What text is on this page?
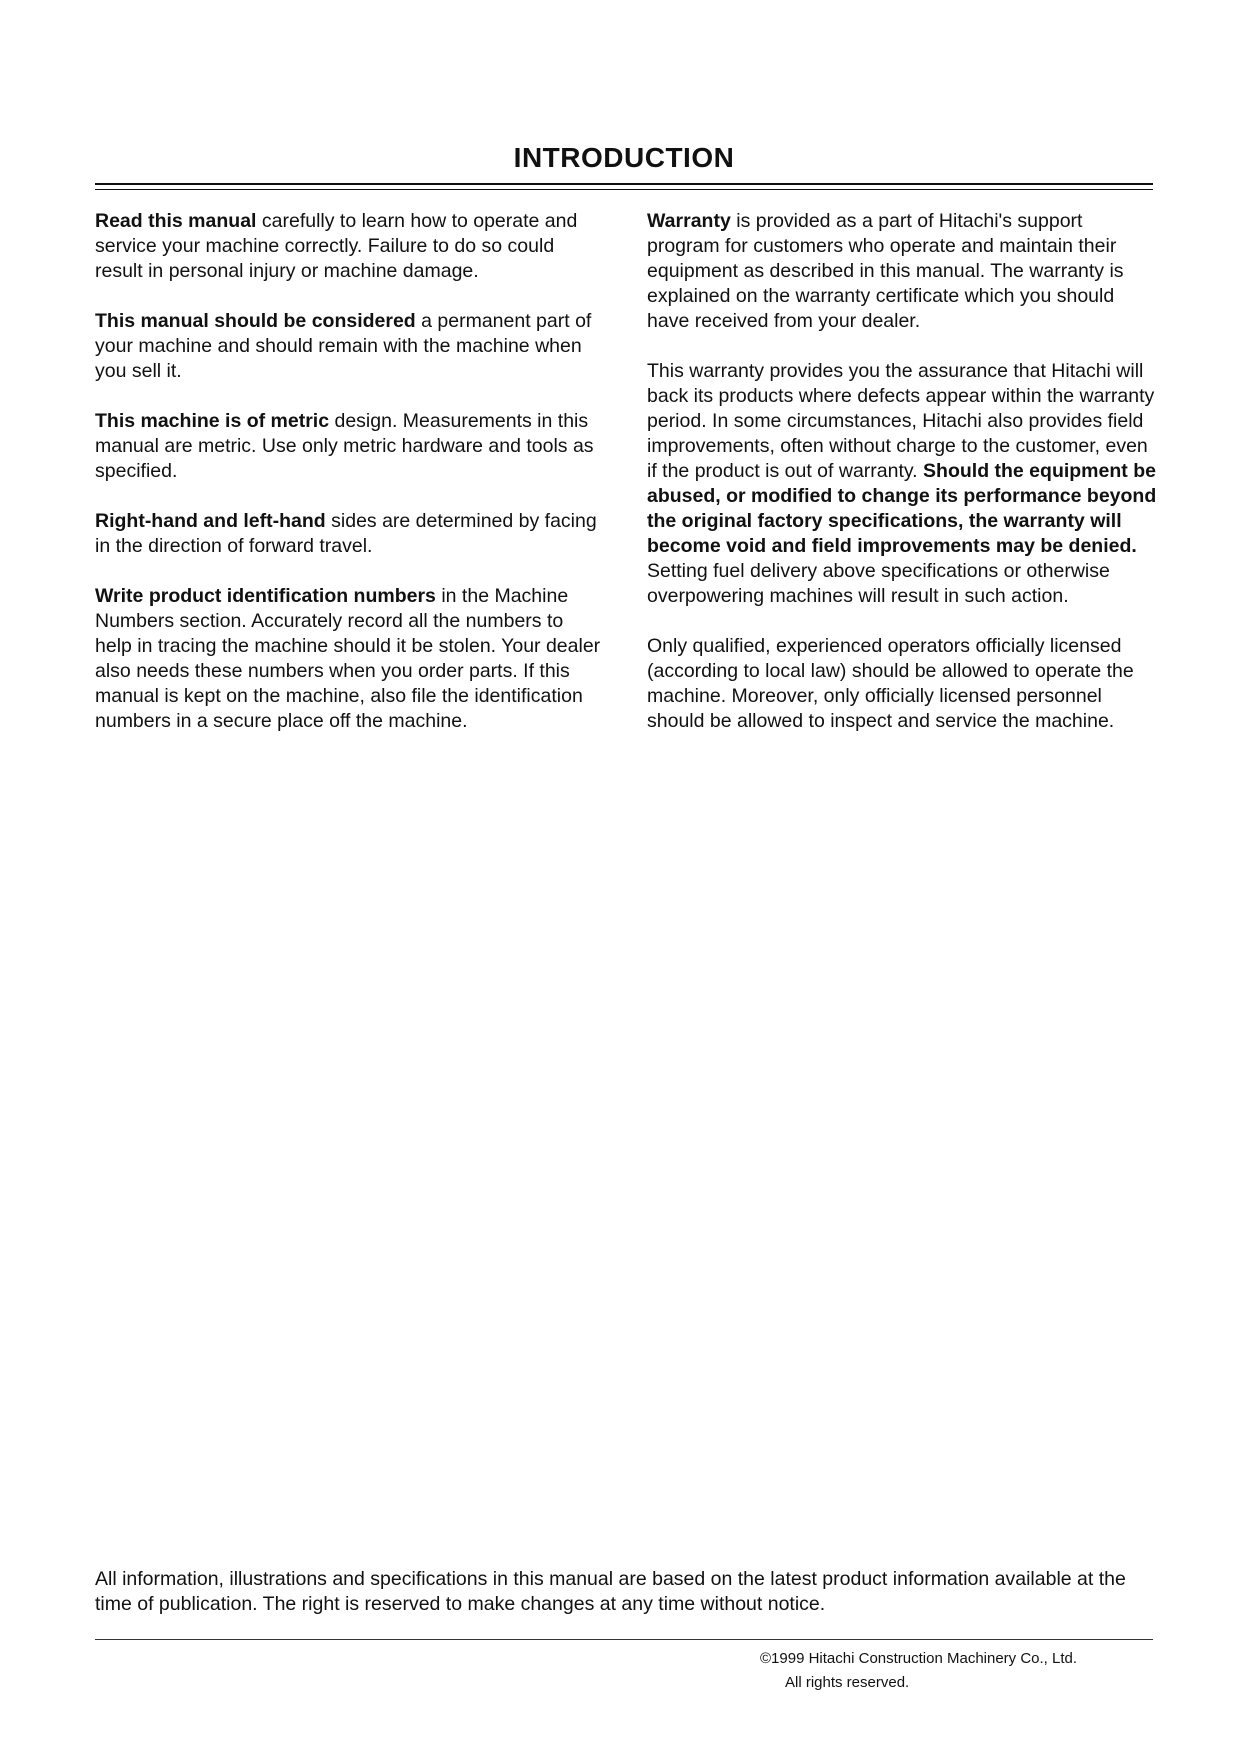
INTRODUCTION

Read this manual carefully to learn how to operate and service your machine correctly. Failure to do so could result in personal injury or machine damage.

This manual should be considered a permanent part of your machine and should remain with the machine when you sell it.

This machine is of metric design. Measurements in this manual are metric. Use only metric hardware and tools as specified.

Right-hand and left-hand sides are determined by facing in the direction of forward travel.

Write product identification numbers in the Machine Numbers section. Accurately record all the numbers to help in tracing the machine should it be stolen. Your dealer also needs these numbers when you order parts. If this manual is kept on the machine, also file the identification numbers in a secure place off the machine.

Warranty is provided as a part of Hitachi's support program for customers who operate and maintain their equipment as described in this manual. The warranty is explained on the warranty certificate which you should have received from your dealer.

This warranty provides you the assurance that Hitachi will back its products where defects appear within the warranty period. In some circumstances, Hitachi also provides field improvements, often without charge to the customer, even if the product is out of warranty. Should the equipment be abused, or modified to change its performance beyond the original factory specifications, the warranty will become void and field improvements may be denied. Setting fuel delivery above specifications or otherwise overpowering machines will result in such action.

Only qualified, experienced operators officially licensed (according to local law) should be allowed to operate the machine. Moreover, only officially licensed personnel should be allowed to inspect and service the machine.

All information, illustrations and specifications in this manual are based on the latest product information available at the time of publication. The right is reserved to make changes at any time without notice.
©1999 Hitachi Construction Machinery Co., Ltd.
All rights reserved.
